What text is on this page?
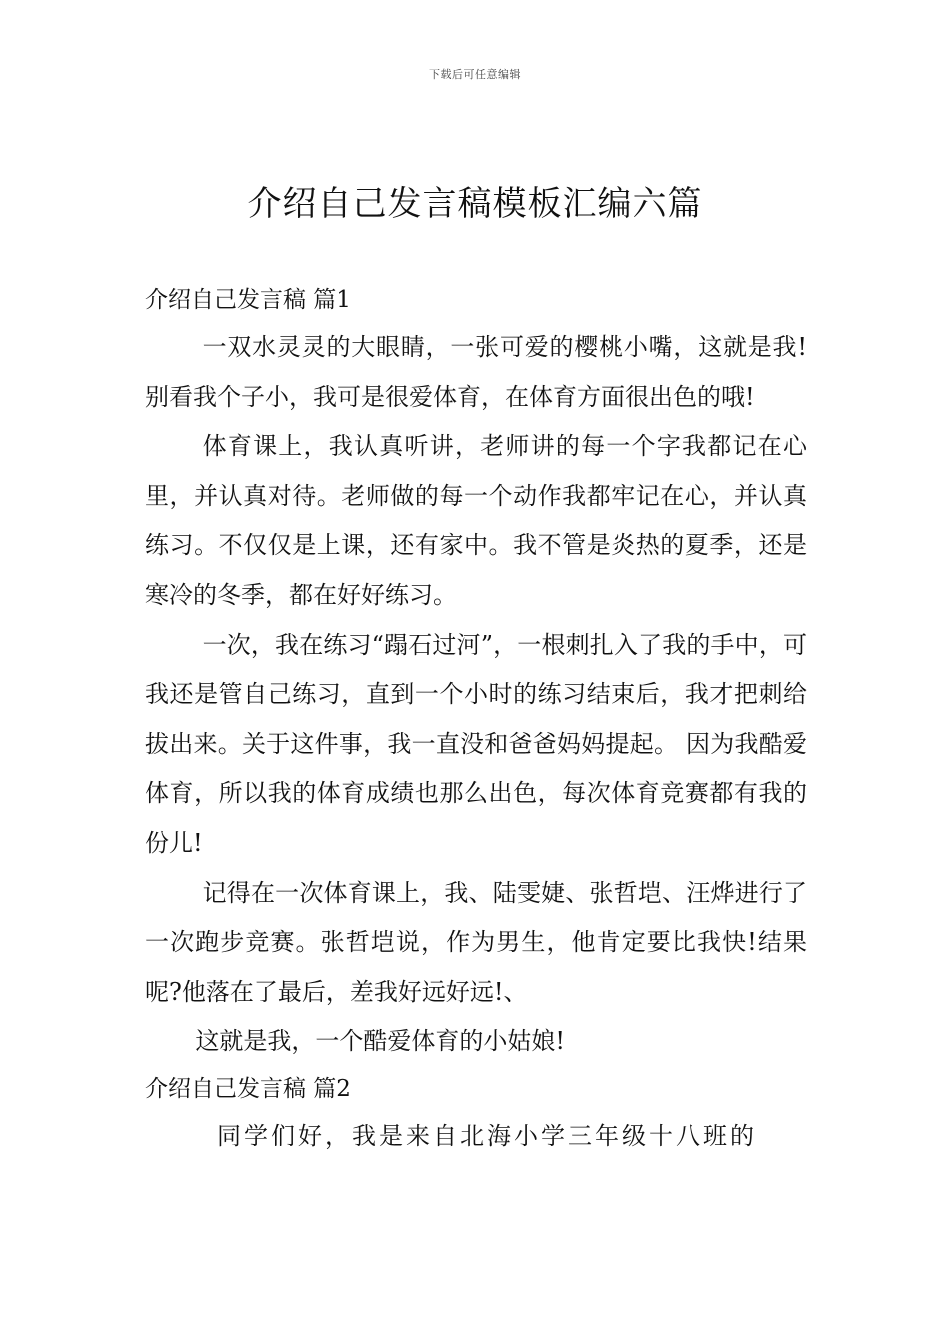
下载后可任意编辑
介绍自己发言稿模板汇编六篇

介绍自己发言稿 篇1

一双水灵灵的大眼睛，一张可爱的樱桃小嘴，这就是我!别看我个子小，我可是很爱体育，在体育方面很出色的哦!

体育课上，我认真听讲，老师讲的每一个字我都记在心里，并认真对待。老师做的每一个动作我都牢记在心，并认真练习。不仅仅是上课，还有家中。我不管是炎热的夏季，还是寒冷的冬季，都在好好练习。

一次，我在练习“蹋石过河”，一根刺扎入了我的手中，可我还是管自己练习，直到一个小时的练习结束后，我才把刺给拔出来。关于这件事，我一直没和爸爸妈妈提起。 因为我酷爱体育，所以我的体育成绩也那么出色，每次体育竞赛都有我的份儿!

记得在一次体育课上，我、陆雯婕、张哲垲、汪烨进行了一次跑步竞赛。张哲垲说，作为男生，他肯定要比我快!结果呢?他落在了最后，差我好远好远!、

这就是我，一个酷爱体育的小姑娘!

介绍自己发言稿 篇2

同学们好，我是来自北海小学三年级十八班的
